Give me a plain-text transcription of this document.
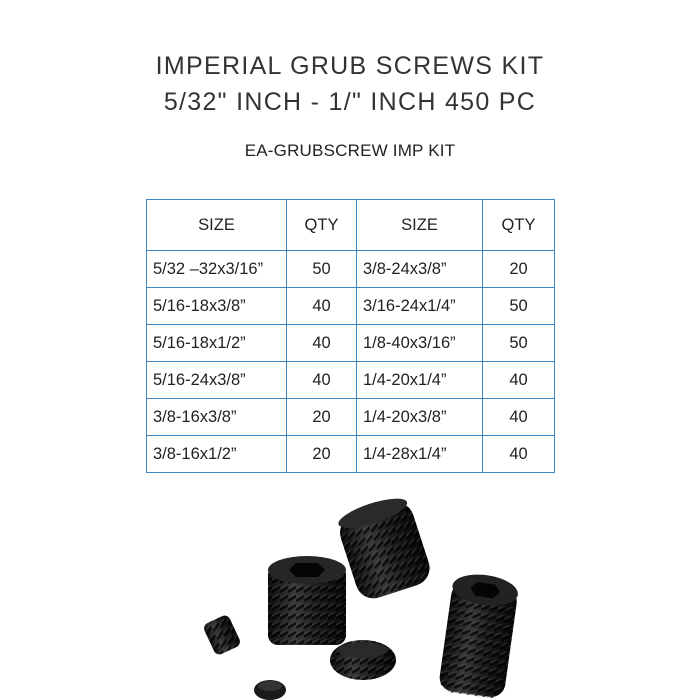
IMPERIAL GRUB SCREWS KIT
5/32" INCH - 1/" INCH 450 PC
EA-GRUBSCREW IMP KIT
SIZE	QTY	SIZE	QTY
5/32 –32x3/16”	50	3/8-24x3/8”	20
5/16-18x3/8”	40	3/16-24x1/4”	50
5/16-18x1/2”	40	1/8-40x3/16”	50
5/16-24x3/8”	40	1/4-20x1/4”	40
3/8-16x3/8”	20	1/4-20x3/8”	40
3/8-16x1/2”	20	1/4-28x1/4”	40
